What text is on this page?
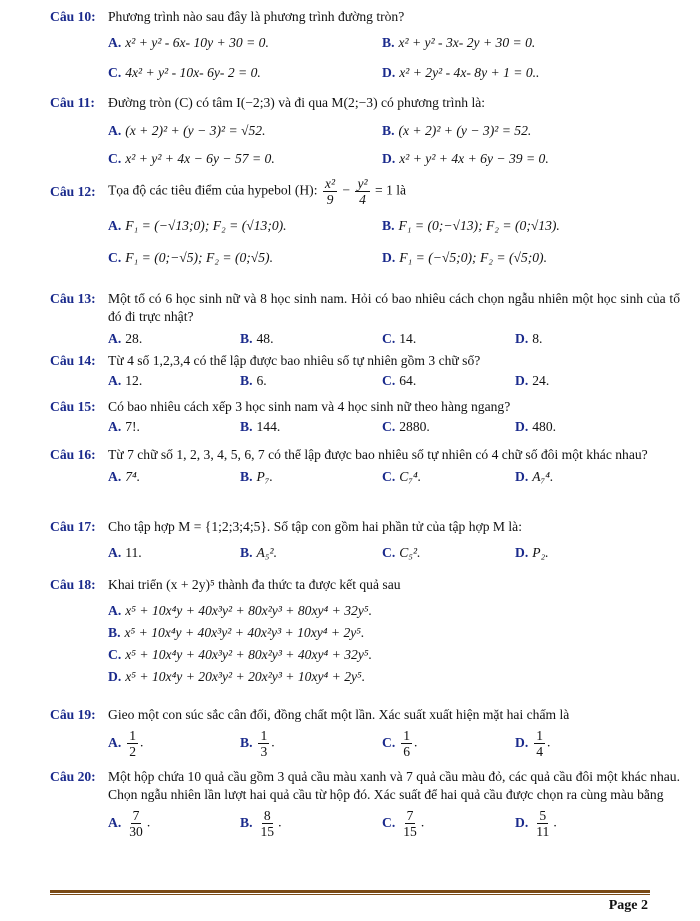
Câu 10: Phương trình nào sau đây là phương trình đường tròn?
A. x² + y² - 6x- 10y + 30 = 0.	B. x² + y² - 3x- 2y + 30 = 0.
C. 4x² + y² - 10x- 6y- 2 = 0.	D. x² + 2y² - 4x- 8y + 1 = 0..
Câu 11: Đường tròn (C) có tâm I(−2;3) và đi qua M(2;−3) có phương trình là:
A. (x + 2)² + (y − 3)² = √52.	B. (x + 2)² + (y − 3)² = 52.
C. x² + y² + 4x − 6y − 57 = 0.	D. x² + y² + 4x + 6y − 39 = 0.
Câu 12: Tọa độ các tiêu điểm của hypebol (H): $\frac{\text{x²}}{9} - \frac{\text{y²}}{4} = 1$ là
A. F₁ = (−√13;0); F₂ = (√13;0).	B. F₁ = (0;−√13); F₂ = (0;√13).
C. F₁ = (0;−√5); F₂ = (0;√5).	D. F₁ = (−√5;0); F₂ = (√5;0).
Câu 13: Một tổ có 6 học sinh nữ và 8 học sinh nam. Hỏi có bao nhiêu cách chọn ngẫu nhiên một học sinh của tổ đó đi trực nhật?
A. 28.	B. 48.	C. 14.	D. 8.
Câu 14: Từ 4 số 1,2,3,4 có thể lập được bao nhiêu số tự nhiên gồm 3 chữ số?
A. 12.	B. 6.	C. 64.	D. 24.
Câu 15: Có bao nhiêu cách xếp 3 học sinh nam và 4 học sinh nữ theo hàng ngang?
A. 7!.	B. 144.	C. 2880.	D. 480.
Câu 16: Từ 7 chữ số 1, 2, 3, 4, 5, 6, 7 có thể lập được bao nhiêu số tự nhiên có 4 chữ số đôi một khác nhau?
A. 7⁴.	B. P₇.	C. C₇⁴.	D. A₇⁴.
Câu 17: Cho tập hợp M = {1;2;3;4;5}. Số tập con gồm hai phần tử của tập hợp M là:
A. 11.	B. A₅².	C. C₅².	D. P₂.
Câu 18: Khai triển (x + 2y)⁵ thành đa thức ta được kết quả sau
A. x⁵ + 10x⁴y + 40x³y² + 80x²y³ + 80xy⁴ + 32y⁵.
B. x⁵ + 10x⁴y + 40x³y² + 40x²y³ + 10xy⁴ + 2y⁵.
C. x⁵ + 10x⁴y + 40x³y² + 80x²y³ + 40xy⁴ + 32y⁵.
D. x⁵ + 10x⁴y + 20x³y² + 20x²y³ + 10xy⁴ + 2y⁵.
Câu 19: Gieo một con súc sắc cân đối, đồng chất một lần. Xác suất xuất hiện mặt hai chấm là
A. $\frac{1}{2}$ .	B. $\frac{1}{3}$ .	C. $\frac{1}{6}$ .	D. $\frac{1}{4}$ .
Câu 20: Một hộp chứa 10 quả cầu gồm 3 quả cầu màu xanh và 7 quả cầu màu đỏ, các quả cầu đôi một khác nhau. Chọn ngẫu nhiên lần lượt hai quả cầu từ hộp đó. Xác suất để hai quả cầu được chọn ra cùng màu bằng
A. $\frac{7}{30}$ .	B. $\frac{8}{15}$ .	C. $\frac{7}{15}$ .	D. $\frac{5}{11}$ .
Page 2
